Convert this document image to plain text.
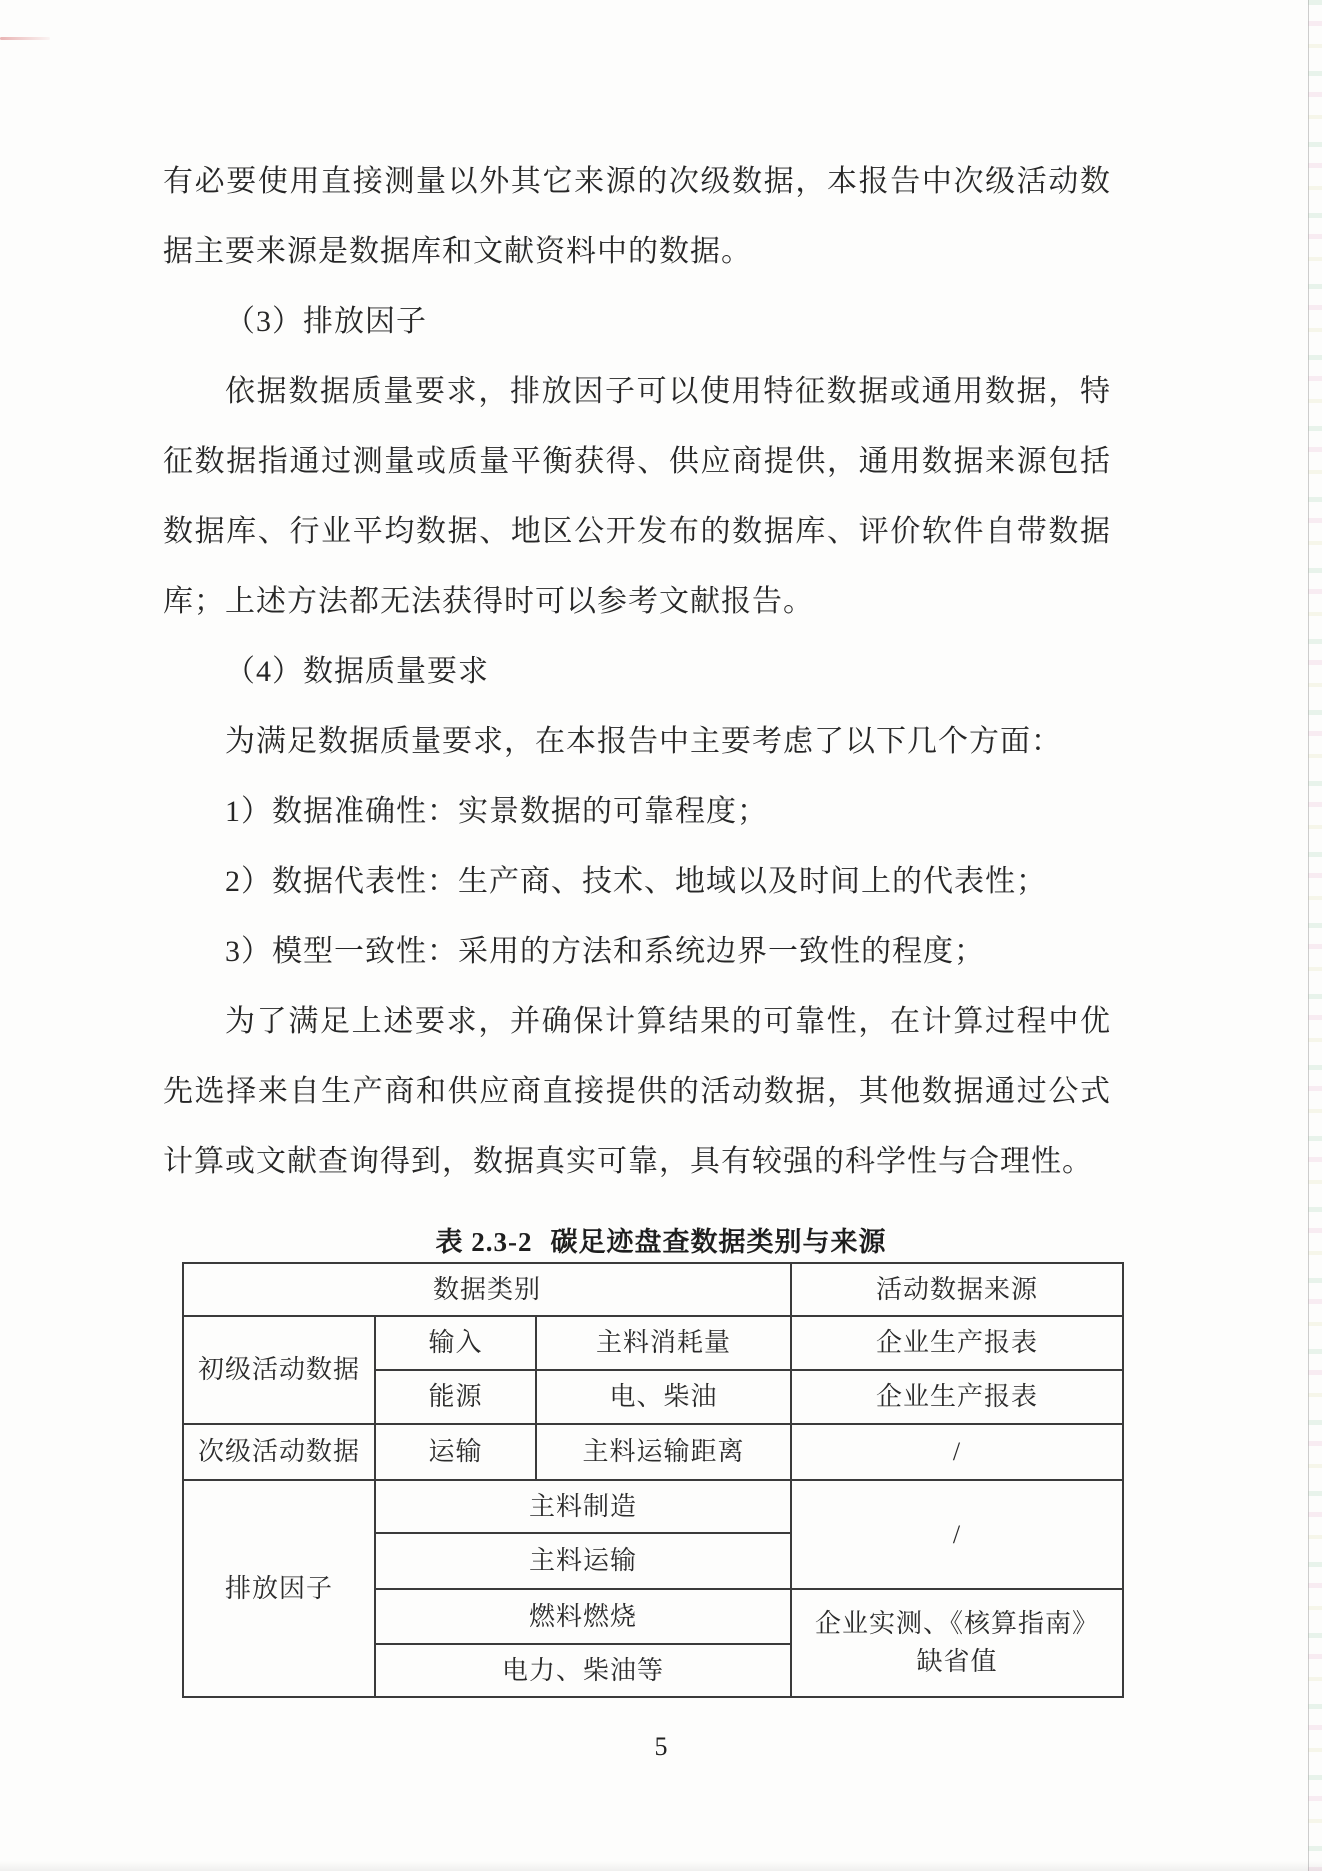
有必要使用直接测量以外其它来源的次级数据，本报告中次级活动数据主要来源是数据库和文献资料中的数据。

（3）排放因子

依据数据质量要求，排放因子可以使用特征数据或通用数据，特征数据指通过测量或质量平衡获得、供应商提供，通用数据来源包括数据库、行业平均数据、地区公开发布的数据库、评价软件自带数据库；上述方法都无法获得时可以参考文献报告。

（4）数据质量要求

为满足数据质量要求，在本报告中主要考虑了以下几个方面：

1）数据准确性：实景数据的可靠程度；

2）数据代表性：生产商、技术、地域以及时间上的代表性；

3）模型一致性：采用的方法和系统边界一致性的程度；

为了满足上述要求，并确保计算结果的可靠性，在计算过程中优先选择来自生产商和供应商直接提供的活动数据，其他数据通过公式计算或文献查询得到，数据真实可靠，具有较强的科学性与合理性。

表 2.3-2 碳足迹盘查数据类别与来源
数据类别			活动数据来源
初级活动数据	输入	主料消耗量	企业生产报表
	能源	电、柴油	企业生产报表
次级活动数据	运输	主料运输距离	/
排放因子	主料制造		/
	主料运输		
	燃料燃烧		企业实测、《核算指南》缺省值
	电力、柴油等		
5
